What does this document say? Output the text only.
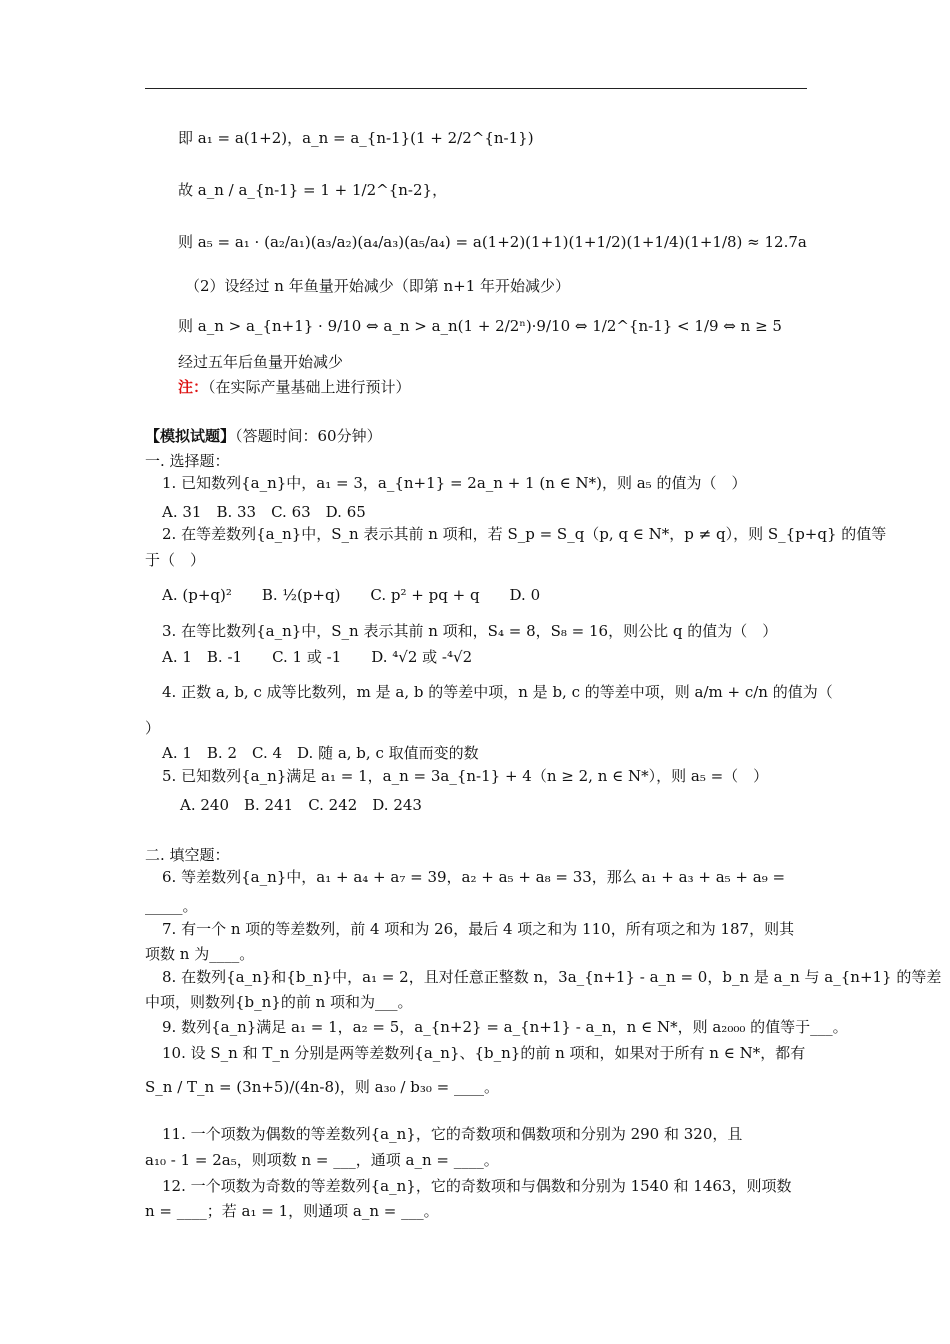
即 a₁ = a(1+2)，a_n = a_{n-1}(1 + 2/2^{n-1})
故 a_n / a_{n-1} = 1 + 1/2^{n-2}，
则 a₅ = a₁ · (a₂/a₁)(a₃/a₂)(a₄/a₃)(a₅/a₄) = a(1+2)(1+1)(1+1/2)(1+1/4)(1+1/8) ≈ 12.7a
（2）设经过 n 年鱼量开始减少（即第 n+1 年开始减少）
则 a_n > a_{n+1} · 9/10 ⇔ a_n > a_n(1 + 2/2ⁿ)·9/10 ⇔ 1/2^{n-1} < 1/9 ⇔ n ≥ 5
经过五年后鱼量开始减少
注：（在实际产量基础上进行预计）
【模拟试题】（答题时间：60分钟）
一. 选择题：
1. 已知数列{a_n}中，a₁ = 3，a_{n+1} = 2a_n + 1 (n ∈ N*)，则 a₅ 的值为（　）
A. 31　B. 33　C. 63　D. 65
2. 在等差数列{a_n}中，S_n 表示其前 n 项和，若 S_p = S_q（p, q ∈ N*，p ≠ q），则 S_{p+q} 的值等
于（　）
A. (p+q)²　　B. ½(p+q)　　C. p² + pq + q　　D. 0
3. 在等比数列{a_n}中，S_n 表示其前 n 项和，S₄ = 8，S₈ = 16，则公比 q 的值为（　）
A. 1　B. -1　　C. 1 或 -1　　D. ⁴√2 或 -⁴√2
4. 正数 a, b, c 成等比数列，m 是 a, b 的等差中项，n 是 b, c 的等差中项，则 a/m + c/n 的值为（
）
A. 1　B. 2　C. 4　D. 随 a, b, c 取值而变的数
5. 已知数列{a_n}满足 a₁ = 1，a_n = 3a_{n-1} + 4（n ≥ 2, n ∈ N*），则 a₅ =（　）
A. 240　B. 241　C. 242　D. 243
二. 填空题：
6. 等差数列{a_n}中，a₁ + a₄ + a₇ = 39，a₂ + a₅ + a₈ = 33，那么 a₁ + a₃ + a₅ + a₉ =
_____。
7. 有一个 n 项的等差数列，前 4 项和为 26，最后 4 项之和为 110，所有项之和为 187，则其
项数 n 为____。
8. 在数列{a_n}和{b_n}中，a₁ = 2，且对任意正整数 n，3a_{n+1} - a_n = 0，b_n 是 a_n 与 a_{n+1} 的等差
中项，则数列{b_n}的前 n 项和为___。
9. 数列{a_n}满足 a₁ = 1，a₂ = 5，a_{n+2} = a_{n+1} - a_n，n ∈ N*，则 a₂₀₀₀ 的值等于___。
10. 设 S_n 和 T_n 分别是两等差数列{a_n}、{b_n}的前 n 项和，如果对于所有 n ∈ N*，都有
S_n / T_n = (3n+5)/(4n-8)，则 a₃₀ / b₃₀ = ____。
11. 一个项数为偶数的等差数列{a_n}，它的奇数项和偶数项和分别为 290 和 320，且
a₁₀ - 1 = 2a₅，则项数 n = ___，通项 a_n = ____。
12. 一个项数为奇数的等差数列{a_n}，它的奇数项和与偶数和分别为 1540 和 1463，则项数
n = ____；若 a₁ = 1，则通项 a_n = ___。
